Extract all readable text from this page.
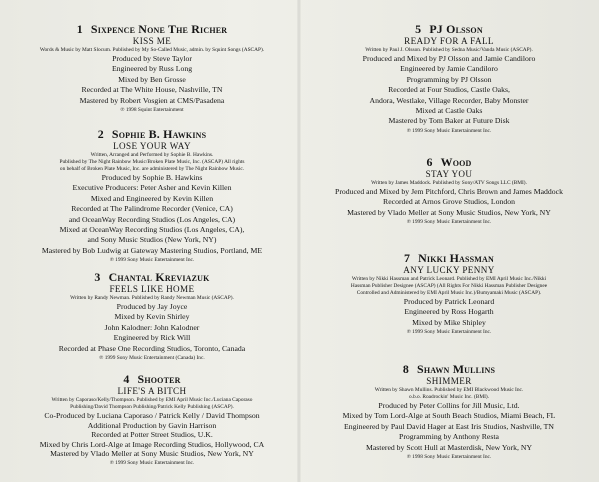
1 Sixpence None The Richer
KISS ME
Words & Music by Matt Slocum. Published by My So-Called Music, admin. by Squint Songs (ASCAP).
Produced by Steve Taylor
Engineered by Russ Long
Mixed by Ben Grosse
Recorded at The White House, Nashville, TN
Mastered by Robert Vosgien at CMS/Pasadena
℗ 1998 Squint Entertainment
2 Sophie B. Hawkins
LOSE YOUR WAY
Written, Arranged and Performed by Sophie B. Hawkins.
Published by The Night Rainbow Music/Broken Plate Music, Inc. (ASCAP) All rights
on behalf of Broken Plate Music, Inc. are administered by The Night Rainbow Music.
Produced by Sophie B. Hawkins
Executive Producers: Peter Asher and Kevin Killen
Mixed and Engineered by Kevin Killen
Recorded at The Palindrome Recorder (Venice, CA)
and OceanWay Recording Studios (Los Angeles, CA)
Mixed at OceanWay Recording Studios (Los Angeles, CA),
and Sony Music Studios (New York, NY)
Mastered by Bob Ludwig at Gateway Mastering Studios, Portland, ME
℗ 1999 Sony Music Entertainment Inc.
3 Chantal Kreviazuk
FEELS LIKE HOME
Written by Randy Newman. Published by Randy Newman Music (ASCAP).
Produced by Jay Joyce
Mixed by Kevin Shirley
John Kalodner: John Kalodner
Engineered by Rick Will
Recorded at Phase One Recording Studios, Toronto, Canada
℗ 1999 Sony Music Entertainment (Canada) Inc.
4 Shooter
LIFE'S A BITCH
Written by Caporaso/Kelly/Thompson. Published by EMI April Music Inc./Luciana Caporaso
Publishing/David Thompson Publishing/Patrick Kelly Publishing (ASCAP).
Co-Produced by Luciana Caporaso / Patrick Kelly / David Thompson
Additional Production by Gavin Harrison
Recorded at Potter Street Studios, U.K.
Mixed by Chris Lord-Alge at Image Recording Studios, Hollywood, CA
Mastered by Vlado Meller at Sony Music Studios, New York, NY
℗ 1999 Sony Music Entertainment Inc.
5 PJ Olsson
READY FOR A FALL
Written by Paul J. Olsson. Published by Sedna Music/Vanda Music (ASCAP).
Produced and Mixed by PJ Olsson and Jamie Candiloro
Engineered by Jamie Candiloro
Programming by PJ Olsson
Recorded at Four Studios, Castle Oaks,
Andora, Westlake, Village Recorder, Baby Monster
Mixed at Castle Oaks
Mastered by Tom Baker at Future Disk
℗ 1999 Sony Music Entertainment Inc.
6 Wood
STAY YOU
Written by James Maddock. Published by Sony/ATV Songs LLC (BMI).
Produced and Mixed by Jem Pitchford, Chris Brown and James Maddock
Recorded at Arnos Grove Studios, London
Mastered by Vlado Meller at Sony Music Studios, New York, NY
℗ 1999 Sony Music Entertainment Inc.
7 Nikki Hassman
ANY LUCKY PENNY
Written by Nikki Hassman and Patrick Leonard. Published by EMI April Music Inc./Nikki
Hassman Publisher Designee (ASCAP) (All Rights For Nikki Hassman Publisher Designee
Controlled and Administered by EMI April Music Inc.)/Bumyamaki Music (ASCAP).
Produced by Patrick Leonard
Engineered by Ross Hogarth
Mixed by Mike Shipley
℗ 1999 Sony Music Entertainment Inc.
8 Shawn Mullins
SHIMMER
Written by Shawn Mullins. Published by EMI Blackwood Music Inc.
o.b.o. Roadrockin' Music Inc. (BMI).
Produced by Peter Collins for Jill Music, Ltd.
Mixed by Tom Lord-Alge at South Beach Studios, Miami Beach, FL
Engineered by Paul David Hager at East Iris Studios, Nashville, TN
Programming by Anthony Resta
Mastered by Scott Hull at Masterdisk, New York, NY
℗ 1998 Sony Music Entertainment Inc.
